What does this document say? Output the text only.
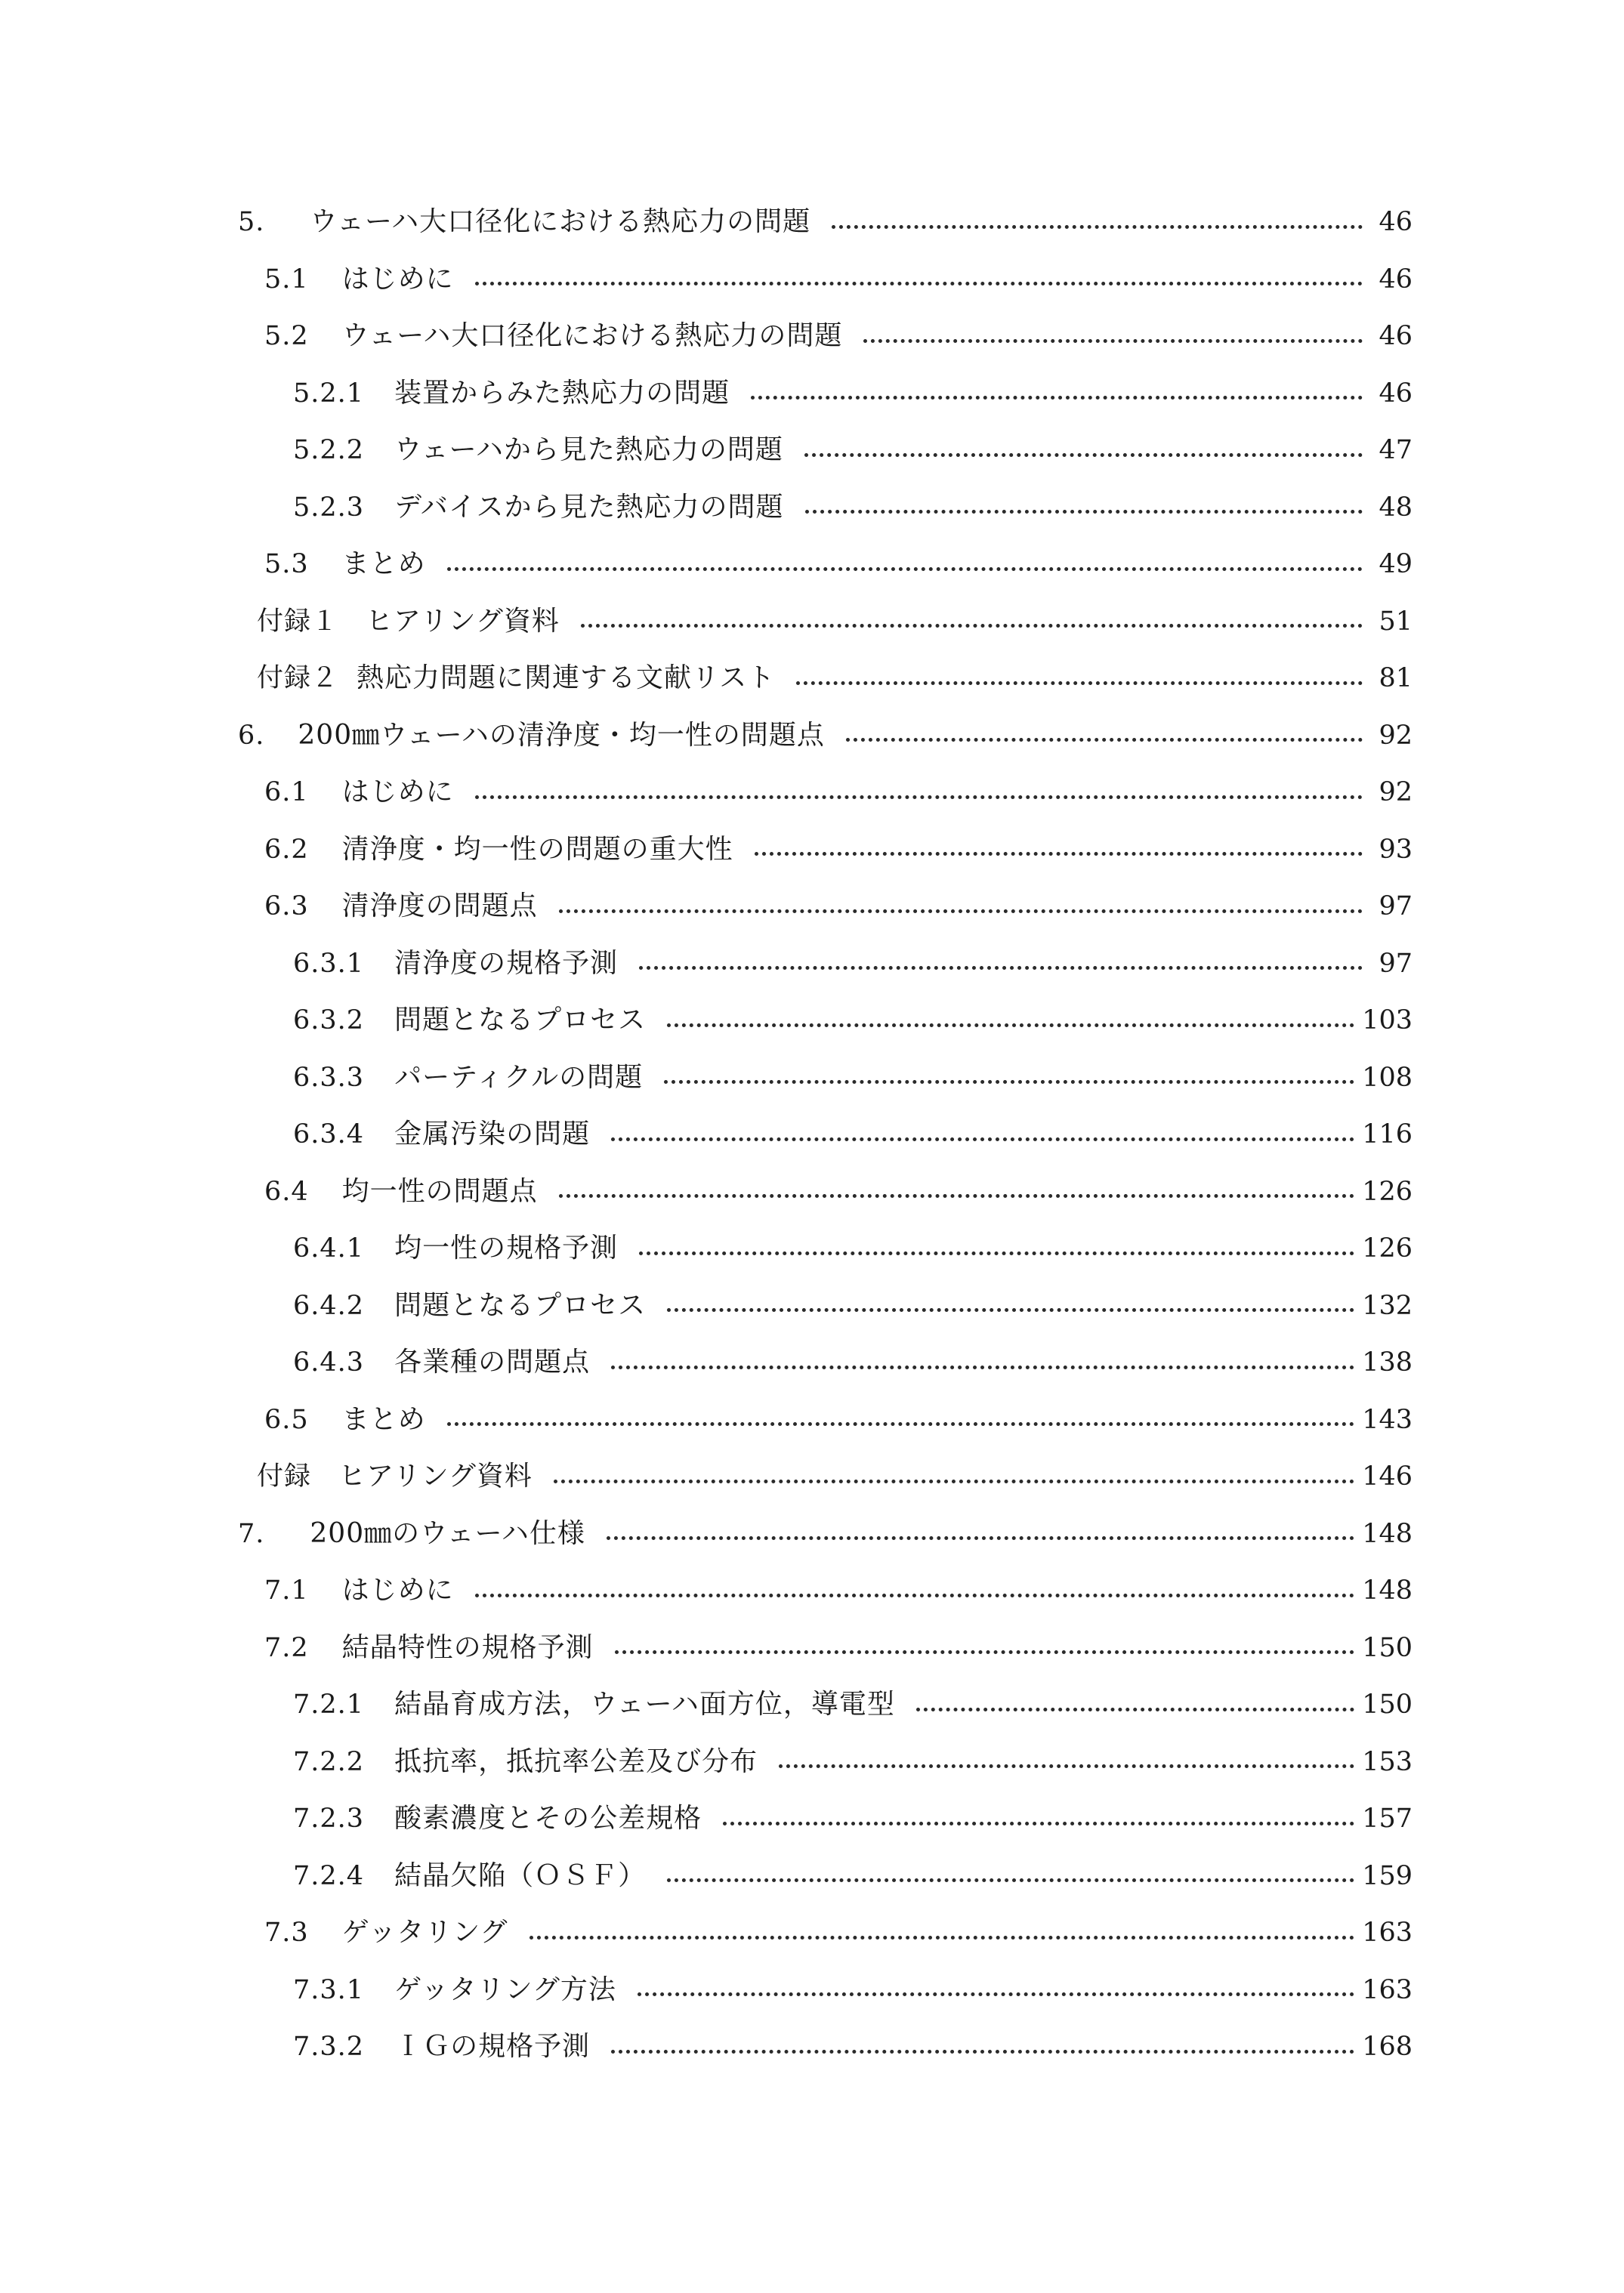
5. ウェーハ大口径化における熱応力の問題	46
5.1 はじめに	46
5.2 ウェーハ大口径化における熱応力の問題	46
5.2.1 装置からみた熱応力の問題	46
5.2.2 ウェーハから見た熱応力の問題	47
5.2.3 デバイスから見た熱応力の問題	48
5.3 まとめ	49
付録１ ヒアリング資料	51
付録２ 熱応力問題に関連する文献リスト	81
6. 200㎜ウェーハの清浄度・均一性の問題点	92
6.1 はじめに	92
6.2 清浄度・均一性の問題の重大性	93
6.3 清浄度の問題点	97
6.3.1 清浄度の規格予測	97
6.3.2 問題となるプロセス	103
6.3.3 パーティクルの問題	108
6.3.4 金属汚染の問題	116
6.4 均一性の問題点	126
6.4.1 均一性の規格予測	126
6.4.2 問題となるプロセス	132
6.4.3 各業種の問題点	138
6.5 まとめ	143
付録 ヒアリング資料	146
7. 200㎜のウェーハ仕様	148
7.1 はじめに	148
7.2 結晶特性の規格予測	150
7.2.1 結晶育成方法，ウェーハ面方位，導電型	150
7.2.2 抵抗率，抵抗率公差及び分布	153
7.2.3 酸素濃度とその公差規格	157
7.2.4 結晶欠陥（ＯＳＦ）	159
7.3 ゲッタリング	163
7.3.1 ゲッタリング方法	163
7.3.2 ＩＧの規格予測	168
